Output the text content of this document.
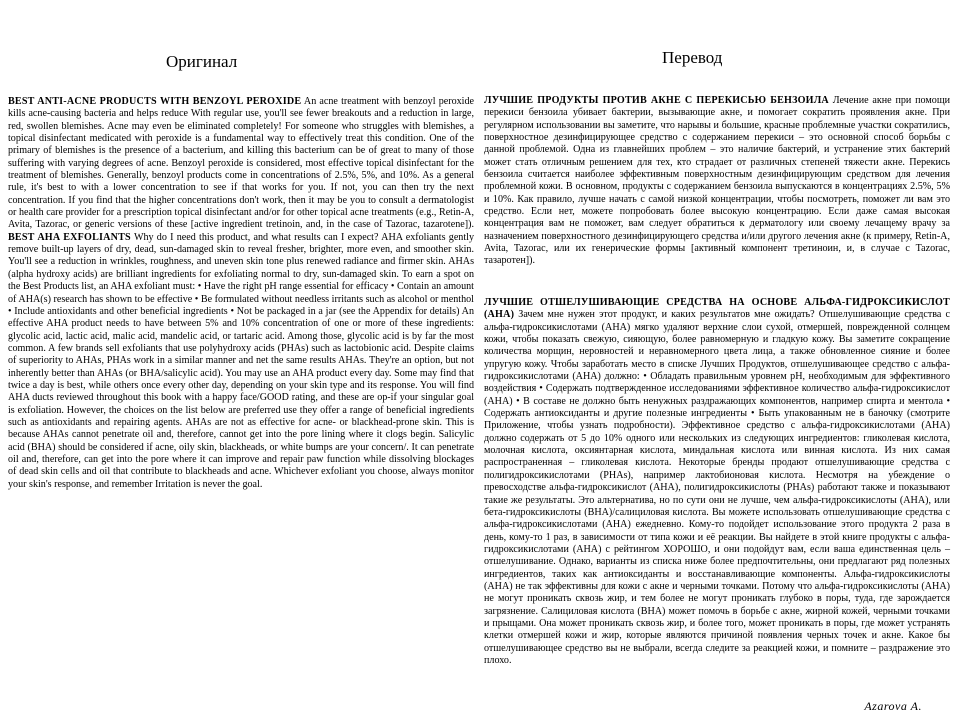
Оригинал

BEST ANTI-ACNE PRODUCTS WITH BENZOYL PEROXIDE An acne treatment with benzoyl peroxide kills acne-causing bacteria and helps reduce With regular use, you'll see fewer breakouts and a reduction in large, red, swollen blemishes. Acne may even be eliminated completely! For someone who struggles with blemishes, a topical disinfectant medicated with peroxide is a fundamental way to effectively treat this condition. One of the primary of blemishes is the presence of a bacterium, and killing this bacterium can be of great to many of those suffering with varying degrees of acne. Benzoyl peroxide is considered, most effective topical disinfectant for the treatment of blemishes. Generally, benzoyl products come in concentrations of 2.5%, 5%, and 10%. As a general rule, it's best to with a lower concentration to see if that works for you. If not, you can then try the next concentration. If you find that the higher concentrations don't work, then it may be you to consult a dermatologist or health care provider for a prescription topical disinfectant and/or for other topical acne treatments (e.g., Retin-A, Avita, Tazorac, or generic versions of these [active ingredient tretinoin, and, in the case of Tazorac, tazarotene]). BEST AHA EXFOLIANTS Why do I need this product, and what results can I expect? AHA exfoliants gently remove built-up layers of dry, dead, sun-damaged skin to reveal fresher, brighter, more even, and smoother skin. You'll see a reduction in wrinkles, roughness, and uneven skin tone plus renewed radiance and firmer skin. AHAs (alpha hydroxy acids) are brilliant ingredients for exfoliating normal to dry, sun-damaged skin. To earn a spot on the Best Products list, an AHA exfoliant must: • Have the right pH range essential for efficacy • Contain an amount of AHA(s) research has shown to be effective • Be formulated without needless irritants such as alcohol or menthol • Include antioxidants and other beneficial ingredients • Not be packaged in a jar (see the Appendix for details) An effective AHA product needs to have between 5% and 10% concentration of one or more of these ingredients: glycolic acid, lactic acid, malic acid, mandelic acid, or tartaric acid. Among those, glycolic acid is by far the most common. A few brands sell exfoliants that use polyhydroxy acids (PHAs) such as lactobionic acid. Despite claims of superiority to AHAs, PHAs work in a similar manner and net the same results AHAs. They're an option, but not inherently better than AHAs (or BHA/salicylic acid). You may use an AHA product every day. Some may find that twice a day is best, while others once every other day, depending on your skin type and its response. You will find AHA ducts reviewed throughout this book with a happy face/GOOD rating, and these are op-if your singular goal is exfoliation. However, the choices on the list below are preferred use they offer a range of beneficial ingredients such as antioxidants and repairing agents. AHAs are not as effective for acne- or blackhead-prone skin. This is because AHAs cannot penetrate oil and, therefore, cannot get into the pore lining where it clogs begin. Salicylic acid (BHA) should be considered if acne, oily skin, blackheads, or white bumps are your concern/. It can penetrate oil and, therefore, can get into the pore where it can improve and repair paw function while dissolving blockages of dead skin cells and oil that contribute to blackheads and acne. Whichever exfoliant you choose, always monitor your skin's response, and remember Irritation is never the goal.

Перевод

ЛУЧШИЕ ПРОДУКТЫ ПРОТИВ АКНЕ С ПЕРЕКИСЬЮ БЕНЗОИЛА Лечение акне при помощи перекиси бензоила убивает бактерии, вызывающие акне, и помогает сократить проявления акне. При регулярном использовании вы заметите, что нарывы и большие, красные проблемные участки сократились, поверхностное дезинфицирующее средство с содержанием перекиси – это основной способ борьбы с данной проблемой. Одна из главнейших проблем – это наличие бактерий, и устранение этих бактерий может стать отличным решением для тех, кто страдает от различных степеней тяжести акне. Перекись бензоила считается наиболее эффективным поверхностным дезинфицирующим средством для лечения проблемной кожи. В основном, продукты с содержанием бензоила выпускаются в концентрациях 2.5%, 5% и 10%. Как правило, лучше начать с самой низкой концентрации, чтобы посмотреть, поможет ли вам это средство. Если нет, можете попробовать более высокую концентрацию. Если даже самая высокая концентрация вам не поможет, вам следует обратиться к дерматологу или своему лечащему врачу за назначением поверхностного дезинфицирующего средства и/или другого лечения акне (к примеру, Retin-A, Avita, Tazorac, или их генерические формы [активный компонент третиноин, и, в случае с Tazorac, тазаротен]).

ЛУЧШИЕ ОТШЕЛУШИВАЮЩИЕ СРЕДСТВА НА ОСНОВЕ АЛЬФА-ГИДРОКСИКИСЛОТ (АНА) Зачем мне нужен этот продукт, и каких результатов мне ожидать? Отшелушивающие средства с альфа-гидроксикислотами (АНА) мягко удаляют верхние слои сухой, отмершей, поврежденной солнцем кожи, чтобы показать свежую, сияющую, более равномерную и гладкую кожу. Вы заметите сокращение количества морщин, неровностей и неравномерного цвета лица, а также обновленное сияние и более упругую кожу. Чтобы заработать место в списке Лучших Продуктов, отшелушивающее средство с альфа-гидроксикислотами (АНА) должно: • Обладать правильным уровнем рН, необходимым для эффективного воздействия • Содержать подтвержденное исследованиями эффективное количество альфа-гидроксикислот (АНА) • В составе не должно быть ненужных раздражающих компонентов, например спирта и ментола • Содержать антиоксиданты и другие полезные ингредиенты • Быть упакованным не в баночку (смотрите Приложение, чтобы узнать подробности). Эффективное средство с альфа-гидроксикислотами (АНА) должно содержать от 5 до 10% одного или нескольких из следующих ингредиентов: гликолевая кислота, молочная кислота, оксиянтарная кислота, миндальная кислота или винная кислота. Из них самая распространенная – гликолевая кислота. Некоторые бренды продают отшелушивающие средства с полигидроксикислотами (PHAs), например лактобионовая кислота. Несмотря на убеждение о превосходстве альфа-гидроксикислот (АНА), полигидроксикислоты (PHAs) работают также и показывают такие же результаты. Это альтернатива, но по сути они не лучше, чем альфа-гидроксикислоты (АНА), или бета-гидроксикислоты (BHA)/салициловая кислота. Вы можете использовать отшелушивающие средства с альфа-гидроксикислотами (АНА) ежедневно. Кому-то подойдет использование этого продукта 2 раза в день, кому-то 1 раз, в зависимости от типа кожи и её реакции. Вы найдете в этой книге продукты с альфа-гидроксикислотами (АНА) с рейтингом ХОРОШО, и они подойдут вам, если ваша единственная цель – отшелушивание. Однако, варианты из списка ниже более предпочтительны, они предлагают ряд полезных ингредиентов, таких как антиоксиданты и восстанавливающие компоненты. Альфа-гидроксикислоты (АНА) не так эффективны для кожи с акне и черными точками. Потому что альфа-гидроксикислоты (АНА) не могут проникать сквозь жир, и тем более не могут проникать глубоко в поры, туда, где зарождается загрязнение. Салициловая кислота (BHA) может помочь в борьбе с акне, жирной кожей, черными точками и прыщами. Она может проникать сквозь жир, и более того, может проникать в поры, где может устранять клетки отмершей кожи и жир, которые являются причиной появления черных точек и акне. Какое бы отшелушивающее средство вы не выбрали, всегда следите за реакцией кожи, и помните – раздражение это плохо.

Azarova A.
